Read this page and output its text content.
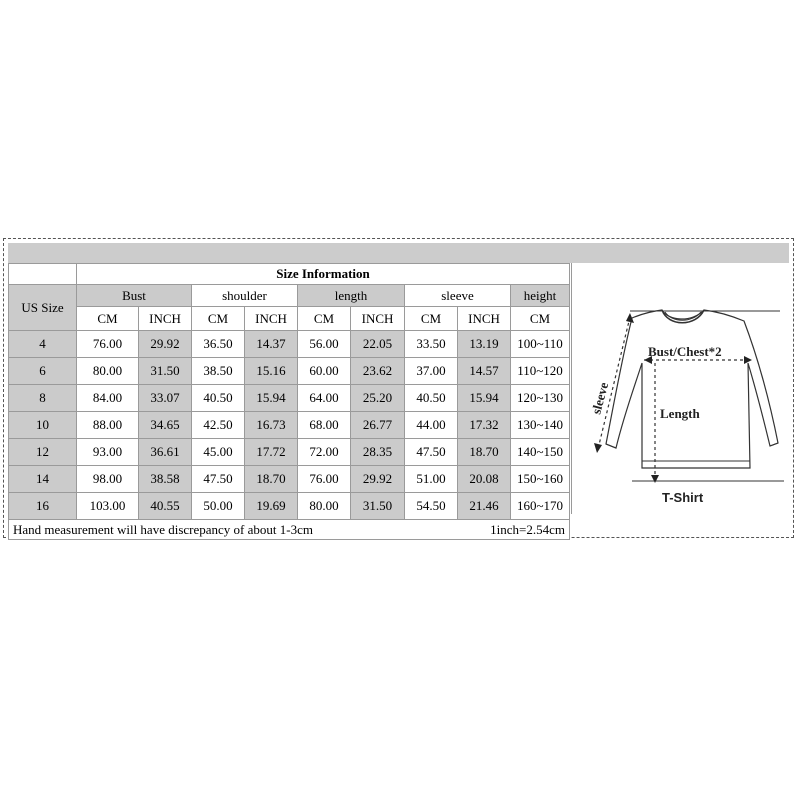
	Size Information								
US Size	Bust		shoulder		length		sleeve		height
	CM	INCH	CM	INCH	CM	INCH	CM	INCH	CM
4	76.00	29.92	36.50	14.37	56.00	22.05	33.50	13.19	100~110
6	80.00	31.50	38.50	15.16	60.00	23.62	37.00	14.57	110~120
8	84.00	33.07	40.50	15.94	64.00	25.20	40.50	15.94	120~130
10	88.00	34.65	42.50	16.73	68.00	26.77	44.00	17.32	130~140
12	93.00	36.61	45.00	17.72	72.00	28.35	47.50	18.70	140~150
14	98.00	38.58	47.50	18.70	76.00	29.92	51.00	20.08	150~160
16	103.00	40.55	50.00	19.69	80.00	31.50	54.50	21.46	160~170

Hand measurement will have discrepancy of about 1-3cm 1inch=2.54cm									
Bust/Chest*2
Length
sleeve
T-Shirt
